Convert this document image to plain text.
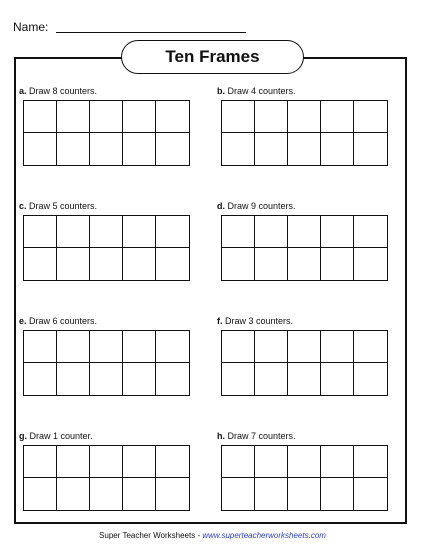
Name:
Ten Frames
a. Draw 8 counters.	b. Draw 4 counters.
c. Draw 5 counters.	d. Draw 9 counters.
e. Draw 6 counters.	f. Draw 3 counters.
g. Draw 1 counter.	h. Draw 7 counters.
Super Teacher Worksheets - www.superteacherworksheets.com
